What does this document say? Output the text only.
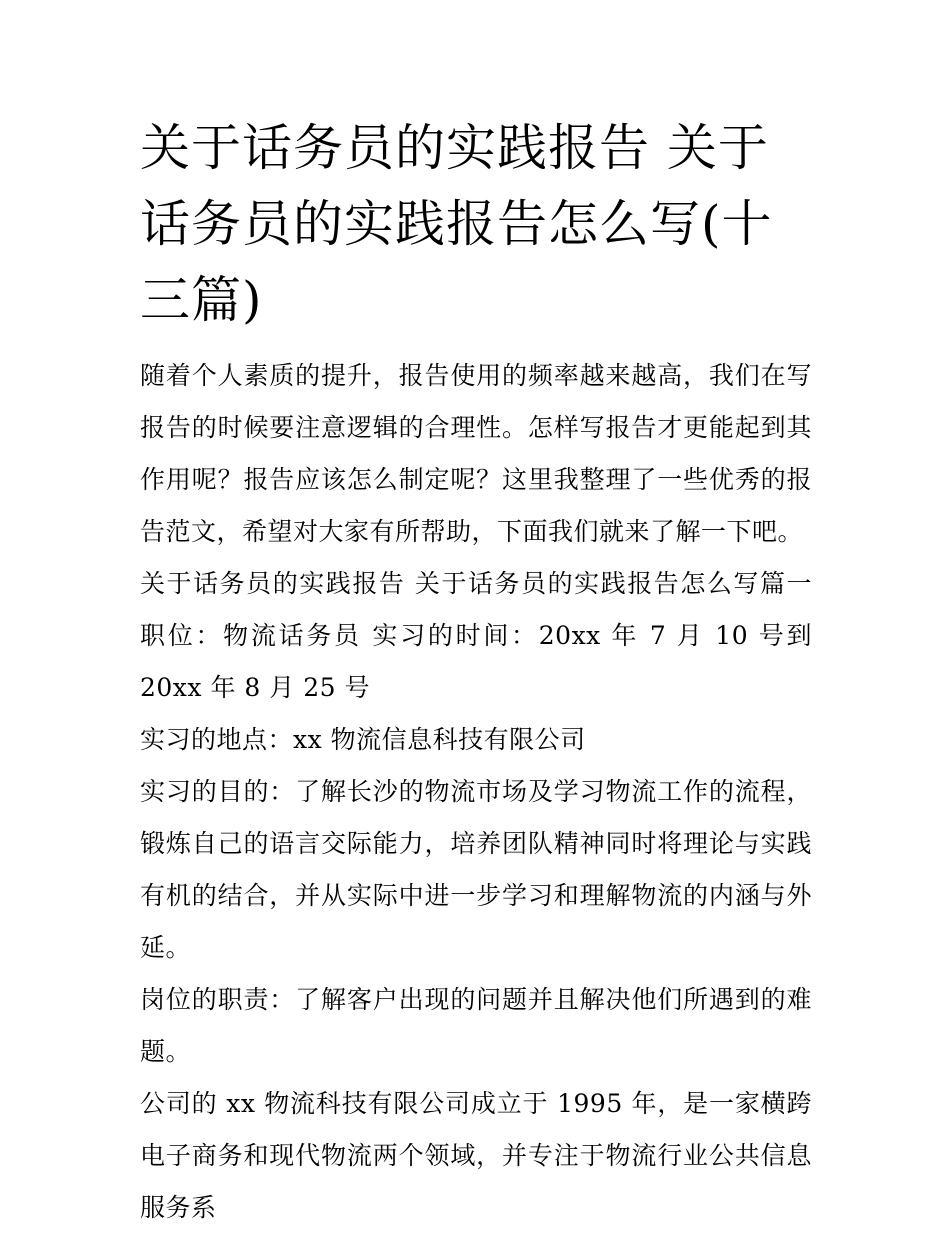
关于话务员的实践报告 关于话务员的实践报告怎么写(十三篇)

随着个人素质的提升，报告使用的频率越来越高，我们在写报告的时候要注意逻辑的合理性。怎样写报告才更能起到其作用呢？报告应该怎么制定呢？这里我整理了一些优秀的报告范文，希望对大家有所帮助，下面我们就来了解一下吧。

关于话务员的实践报告 关于话务员的实践报告怎么写篇一 职位：物流话务员 实习的时间：20xx 年 7 月 10 号到 20xx 年 8 月 25 号

实习的地点：xx 物流信息科技有限公司

实习的目的：了解长沙的物流市场及学习物流工作的流程，锻炼自己的语言交际能力，培养团队精神同时将理论与实践有机的结合，并从实际中进一步学习和理解物流的内涵与外延。

岗位的职责：了解客户出现的问题并且解决他们所遇到的难题。

公司的 xx 物流科技有限公司成立于 1995 年，是一家横跨电子商务和现代物流两个领域，并专注于物流行业公共信息服务系
